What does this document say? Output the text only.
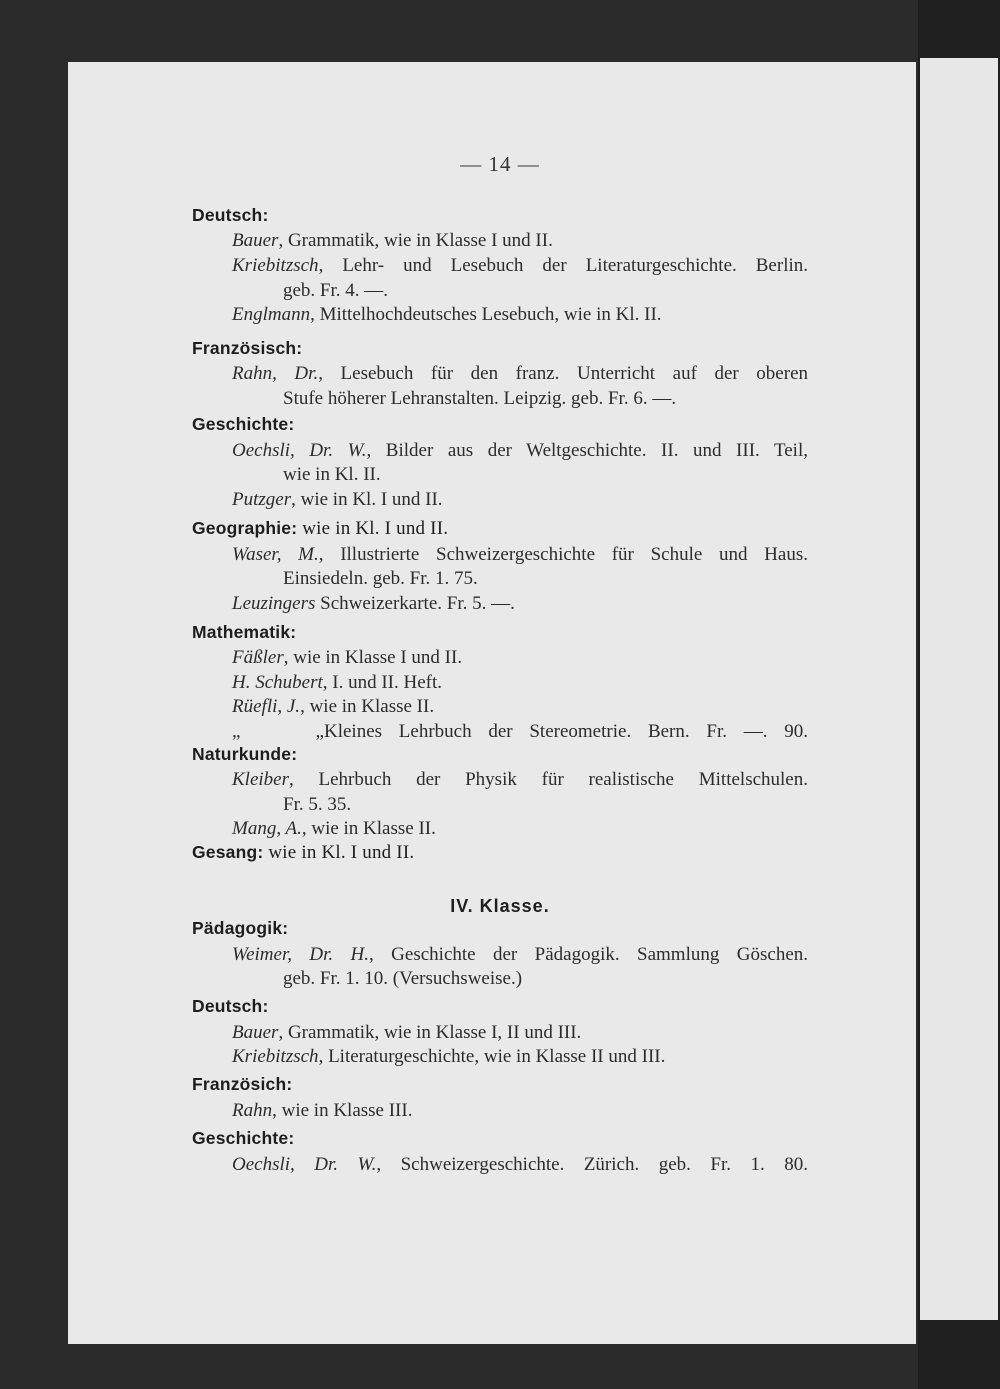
— 14 —
Deutsch:
Bauer, Grammatik, wie in Klasse I und II.
Kriebitzsch, Lehr- und Lesebuch der Literaturgeschichte. Berlin.
geb. Fr. 4. —.
Englmann, Mittelhochdeutsches Lesebuch, wie in Kl. II.
Französisch:
Rahn, Dr., Lesebuch für den franz. Unterricht auf der oberen
Stufe höherer Lehranstalten. Leipzig. geb. Fr. 6. —.
Geschichte:
Oechsli, Dr. W., Bilder aus der Weltgeschichte. II. und III. Teil,
wie in Kl. II.
Putzger, wie in Kl. I und II.
Geographie: wie in Kl. I und II.
Waser, M., Illustrierte Schweizergeschichte für Schule und Haus.
Einsiedeln. geb. Fr. 1. 75.
Leuzingers Schweizerkarte. Fr. 5. —.
Mathematik:
Fäßler, wie in Klasse I und II.
H. Schubert, I. und II. Heft.
Rüefli, J., wie in Klasse II.
„ „Kleines Lehrbuch der Stereometrie. Bern. Fr. —. 90.
Naturkunde:
Kleiber, Lehrbuch der Physik für realistische Mittelschulen.
Fr. 5. 35.
Mang, A., wie in Klasse II.
Gesang: wie in Kl. I und II.
IV. Klasse.
Pädagogik:
Weimer, Dr. H., Geschichte der Pädagogik. Sammlung Göschen.
geb. Fr. 1. 10. (Versuchsweise.)
Deutsch:
Bauer, Grammatik, wie in Klasse I, II und III.
Kriebitzsch, Literaturgeschichte, wie in Klasse II und III.
Französich:
Rahn, wie in Klasse III.
Geschichte:
Oechsli, Dr. W., Schweizergeschichte. Zürich. geb. Fr. 1. 80.
